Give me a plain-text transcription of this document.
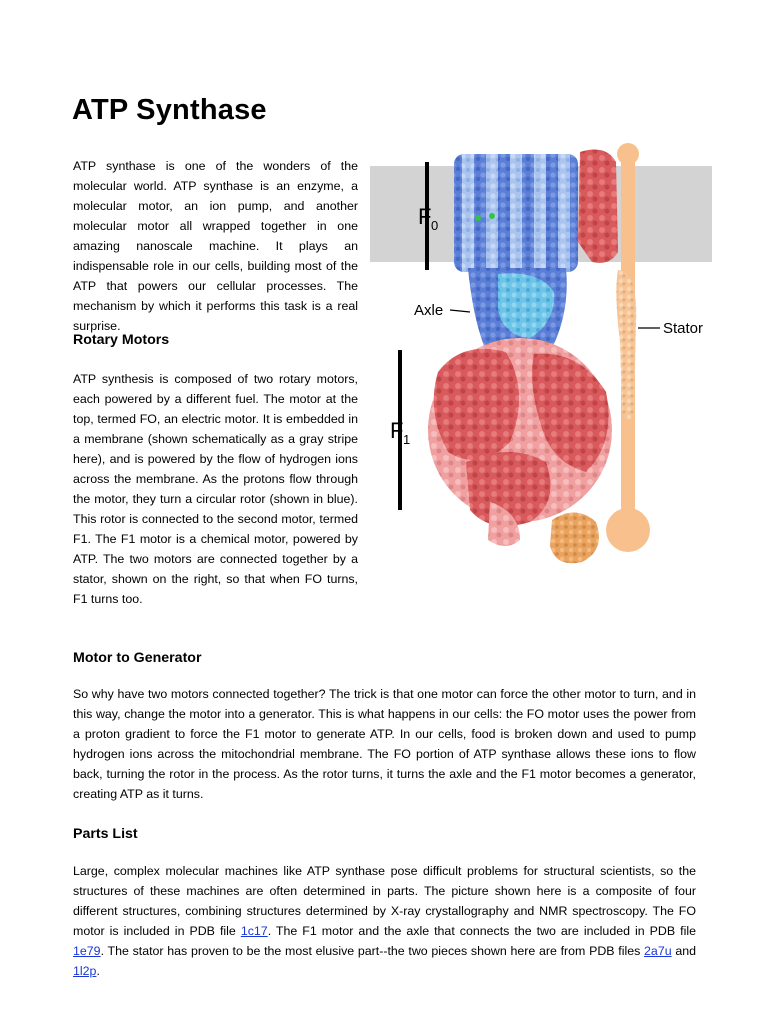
ATP Synthase

ATP synthase is one of the wonders of the molecular world. ATP synthase is an enzyme, a molecular motor, an ion pump, and another molecular motor all wrapped together in one amazing nanoscale machine. It plays an indispensable role in our cells, building most of the ATP that powers our cellular processes. The mechanism by which it performs this task is a real surprise.

Rotary Motors

ATP synthesis is composed of two rotary motors, each powered by a different fuel. The motor at the top, termed FO, an electric motor. It is embedded in a membrane (shown schematically as a gray stripe here), and is powered by the flow of hydrogen ions across the membrane. As the protons flow through the motor, they turn a circular rotor (shown in blue). This rotor is connected to the second motor, termed F1. The F1 motor is a chemical motor, powered by ATP. The two motors are connected together by a stator, shown on the right, so that when FO turns, F1 turns too.

Motor to Generator

So why have two motors connected together? The trick is that one motor can force the other motor to turn, and in this way, change the motor into a generator. This is what happens in our cells: the FO motor uses the power from a proton gradient to force the F1 motor to generate ATP. In our cells, food is broken down and used to pump hydrogen ions across the mitochondrial membrane. The FO portion of ATP synthase allows these ions to flow back, turning the rotor in the process. As the rotor turns, it turns the axle and the F1 motor becomes a generator, creating ATP as it turns.

Parts List

Large, complex molecular machines like ATP synthase pose difficult problems for structural scientists, so the structures of these machines are often determined in parts. The picture shown here is a composite of four different structures, combining structures determined by X-ray crystallography and NMR spectroscopy. The FO motor is included in PDB file 1c17. The F1 motor and the axle that connects the two are included in PDB file 1e79. The stator has proven to be the most elusive part--the two pieces shown here are from PDB files 2a7u and 1l2p.

F 0
F 1
Axle
Stator
